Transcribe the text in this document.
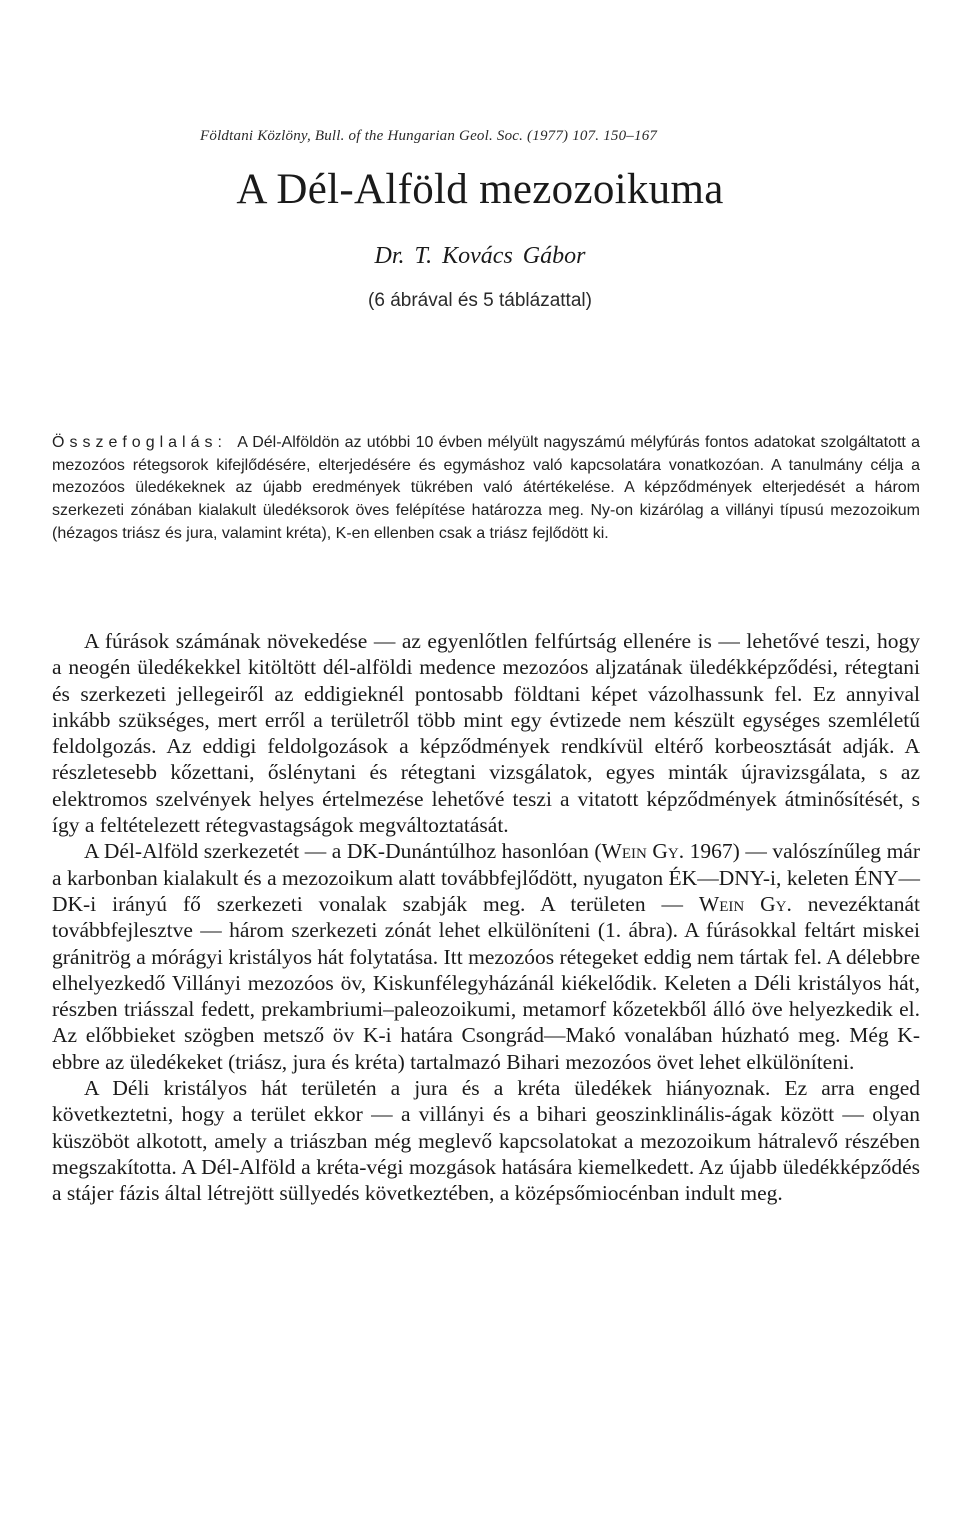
Földtani Közlöny, Bull. of the Hungarian Geol. Soc. (1977) 107. 150–167
A Dél-Alföld mezozoikuma
Dr. T. Kovács Gábor
(6 ábrával és 5 táblázattal)
Összefoglalás: A Dél-Alföldön az utóbbi 10 évben mélyült nagyszámú mélyfúrás fontos adatokat szolgáltatott a mezozóos rétegsorok kifejlődésére, elterjedésére és egymáshoz való kapcsolatára vonatkozóan. A tanulmány célja a mezozóos üledékeknek az újabb eredmények tükrében való átértékelése. A képződmények elterjedését a három szerkezeti zónában kialakult üledéksorok öves felépítése határozza meg. Ny-on kizárólag a villányi típusú mezozoikum (hézagos triász és jura, valamint kréta), K-en ellenben csak a triász fejlődött ki.

A fúrások számának növekedése — az egyenlőtlen felfúrtság ellenére is — lehetővé teszi, hogy a neogén üledékekkel kitöltött dél-alföldi medence mezozóos aljzatának üledékképződési, rétegtani és szerkezeti jellegeiről az eddigieknél pontosabb földtani képet vázolhassunk fel. Ez annyival inkább szükséges, mert erről a területről több mint egy évtizede nem készült egységes szemléletű feldolgozás. Az eddigi feldolgozások a képződmények rendkívül eltérő korbeosztását adják. A részletesebb kőzettani, őslénytani és rétegtani vizsgálatok, egyes minták újravizsgálata, s az elektromos szelvények helyes értelmezése lehetővé teszi a vitatott képződmények átminősítését, s így a feltételezett rétegvastagságok megváltoztatását.

A Dél-Alföld szerkezetét — a DK-Dunántúlhoz hasonlóan (Wein Gy. 1967) — valószínűleg már a karbonban kialakult és a mezozoikum alatt továbbfejlődött, nyugaton ÉK—DNY-i, keleten ÉNY—DK-i irányú fő szerkezeti vonalak szabják meg. A területen — Wein Gy. nevezéktanát továbbfejlesztve — három szerkezeti zónát lehet elkülöníteni (1. ábra). A fúrásokkal feltárt miskei gránitrög a mórágyi kristályos hát folytatása. Itt mezozóos rétegeket eddig nem tártak fel. A délebbre elhelyezkedő Villányi mezozóos öv, Kiskunfélegyházánál kiékelődik. Keleten a Déli kristályos hát, részben triásszal fedett, prekambriumi–paleozoikumi, metamorf kőzetekből álló öve helyezkedik el. Az előbbieket szögben metsző öv K-i határa Csongrád—Makó vonalában húzható meg. Még K-ebbre az üledékeket (triász, jura és kréta) tartalmazó Bihari mezozóos övet lehet elkülöníteni.

A Déli kristályos hát területén a jura és a kréta üledékek hiányoznak. Ez arra enged következtetni, hogy a terület ekkor — a villányi és a bihari geoszinklinális-ágak között — olyan küszöböt alkotott, amely a triászban még meglevő kapcsolatokat a mezozoikum hátralevő részében megszakította. A Dél-Alföld a kréta-végi mozgások hatására kiemelkedett. Az újabb üledékképződés a stájer fázis által létrejött süllyedés következtében, a középsőmiocénban indult meg.
